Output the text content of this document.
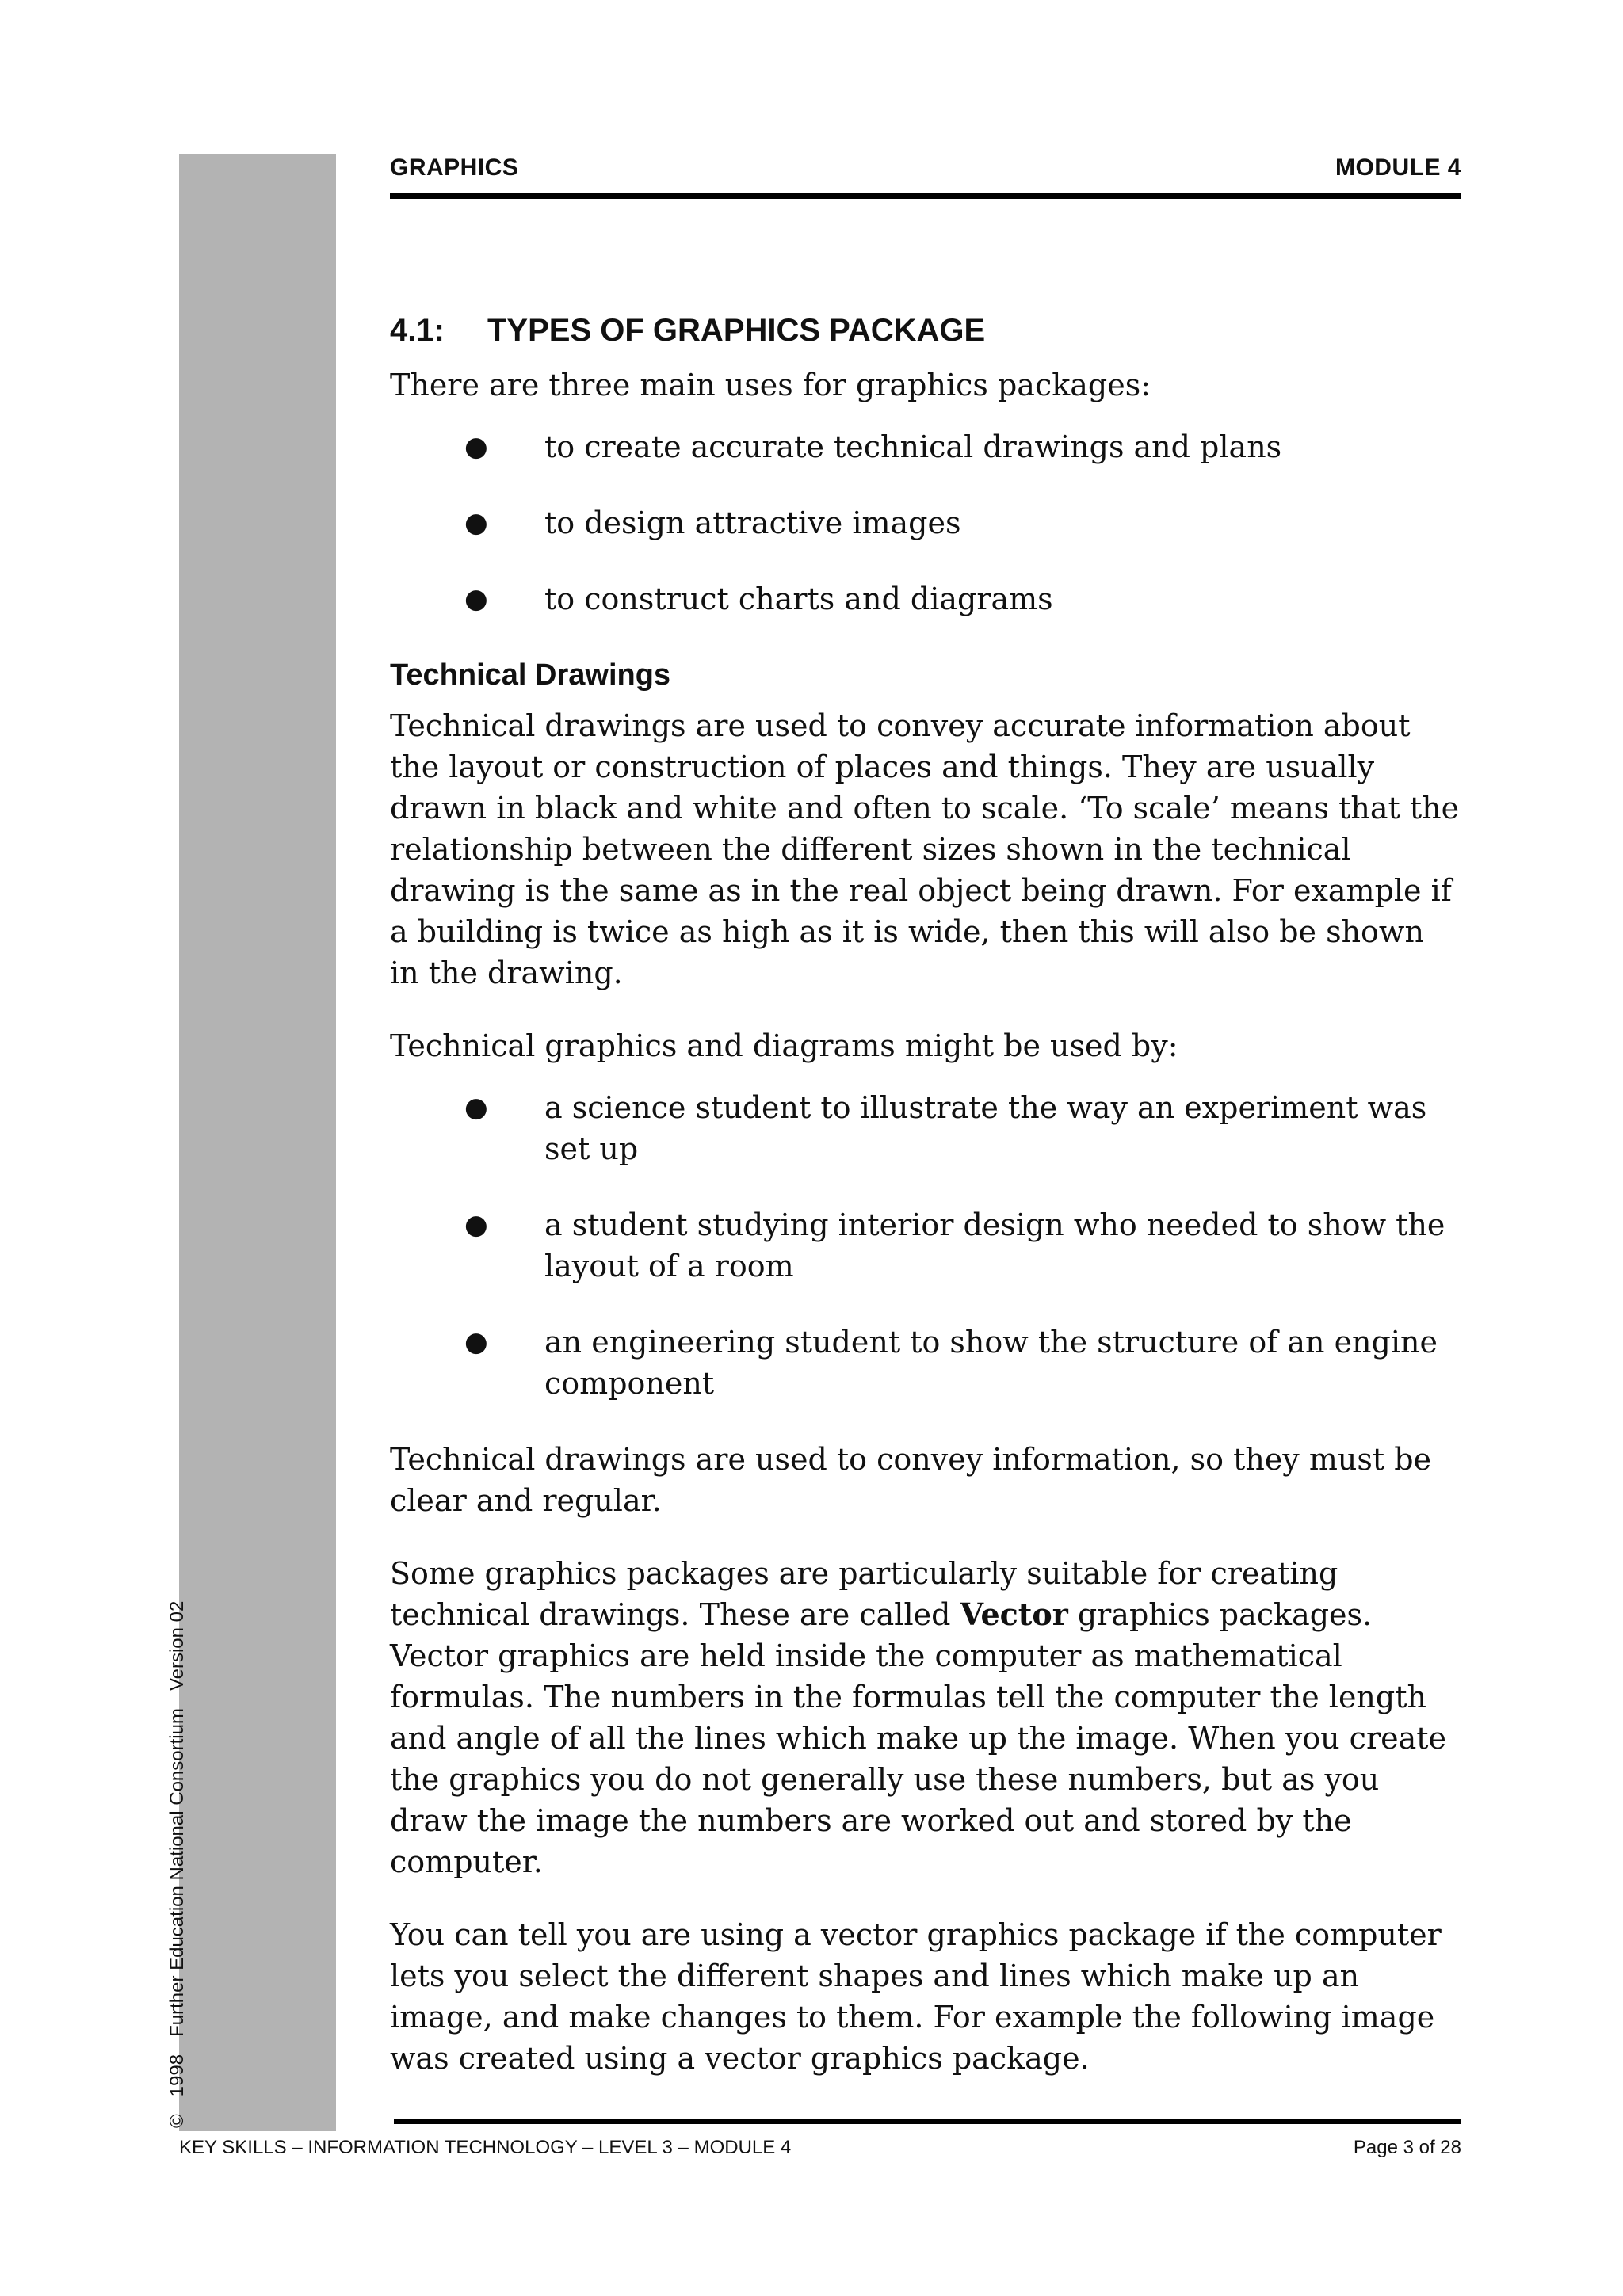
GRAPHICS	MODULE 4
4.1: TYPES OF GRAPHICS PACKAGE

There are three main uses for graphics packages:

● to create accurate technical drawings and plans
● to design attractive images
● to construct charts and diagrams
Technical Drawings

Technical drawings are used to convey accurate information about the layout or construction of places and things. They are usually drawn in black and white and often to scale. ‘To scale’ means that the relationship between the different sizes shown in the technical drawing is the same as in the real object being drawn. For example if a building is twice as high as it is wide, then this will also be shown in the drawing.

Technical graphics and diagrams might be used by:

● a science student to illustrate the way an experiment was set up
● a student studying interior design who needed to show the layout of a room
● an engineering student to show the structure of an engine component

Technical drawings are used to convey information, so they must be clear and regular.

Some graphics packages are particularly suitable for creating technical drawings. These are called Vector graphics packages. Vector graphics are held inside the computer as mathematical formulas. The numbers in the formulas tell the computer the length and angle of all the lines which make up the image. When you create the graphics you do not generally use these numbers, but as you draw the image the numbers are worked out and stored by the computer.

You can tell you are using a vector graphics package if the computer lets you select the different shapes and lines which make up an image, and make changes to them. For example the following image was created using a vector graphics package.

KEY SKILLS – INFORMATION TECHNOLOGY – LEVEL 3 – MODULE 4	Page 3 of 28
©1998Further Education National ConsortiumVersion 02
